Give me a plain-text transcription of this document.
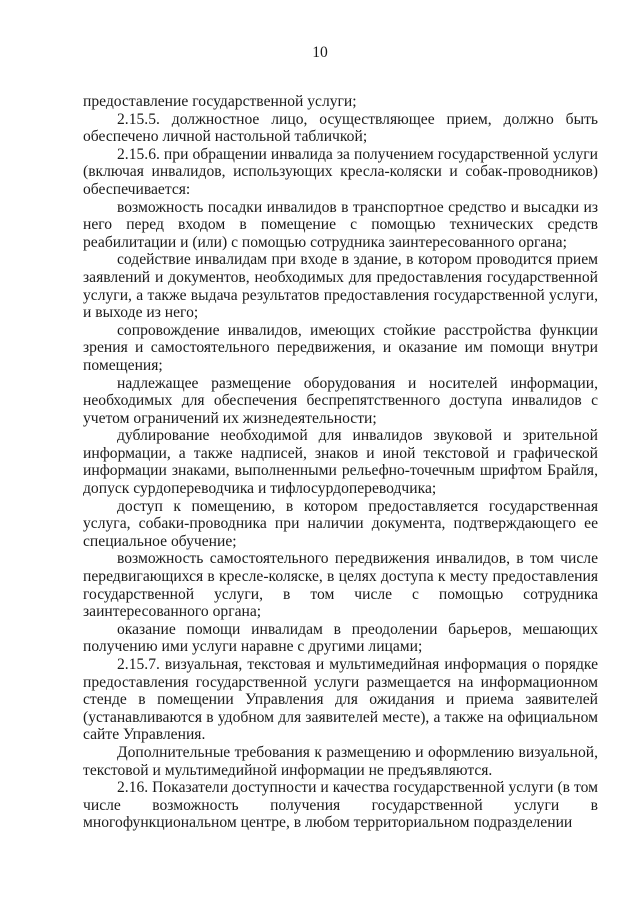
10

предоставление государственной услуги;

2.15.5. должностное лицо, осуществляющее прием, должно быть обеспечено личной настольной табличкой;

2.15.6. при обращении инвалида за получением государственной услуги (включая инвалидов, использующих кресла-коляски и собак-проводников) обеспечивается:

возможность посадки инвалидов в транспортное средство и высадки из него перед входом в помещение с помощью технических средств реабилитации и (или) с помощью сотрудника заинтересованного органа;

содействие инвалидам при входе в здание, в котором проводится прием заявлений и документов, необходимых для предоставления государственной услуги, а также выдача результатов предоставления государственной услуги, и выходе из него;

сопровождение инвалидов, имеющих стойкие расстройства функции зрения и самостоятельного передвижения, и оказание им помощи внутри помещения;

надлежащее размещение оборудования и носителей информации, необходимых для обеспечения беспрепятственного доступа инвалидов с учетом ограничений их жизнедеятельности;

дублирование необходимой для инвалидов звуковой и зрительной информации, а также надписей, знаков и иной текстовой и графической информации знаками, выполненными рельефно-точечным шрифтом Брайля, допуск сурдопереводчика и тифлосурдопереводчика;

доступ к помещению, в котором предоставляется государственная услуга, собаки-проводника при наличии документа, подтверждающего ее специальное обучение;

возможность самостоятельного передвижения инвалидов, в том числе передвигающихся в кресле-коляске, в целях доступа к месту предоставления государственной услуги, в том числе с помощью сотрудника заинтересованного органа;

оказание помощи инвалидам в преодолении барьеров, мешающих получению ими услуги наравне с другими лицами;

2.15.7. визуальная, текстовая и мультимедийная информация о порядке предоставления государственной услуги размещается на информационном стенде в помещении Управления для ожидания и приема заявителей (устанавливаются в удобном для заявителей месте), а также на официальном сайте Управления.

Дополнительные требования к размещению и оформлению визуальной, текстовой и мультимедийной информации не предъявляются.

2.16. Показатели доступности и качества государственной услуги (в том числе возможность получения государственной услуги в многофункциональном центре, в любом территориальном подразделении
